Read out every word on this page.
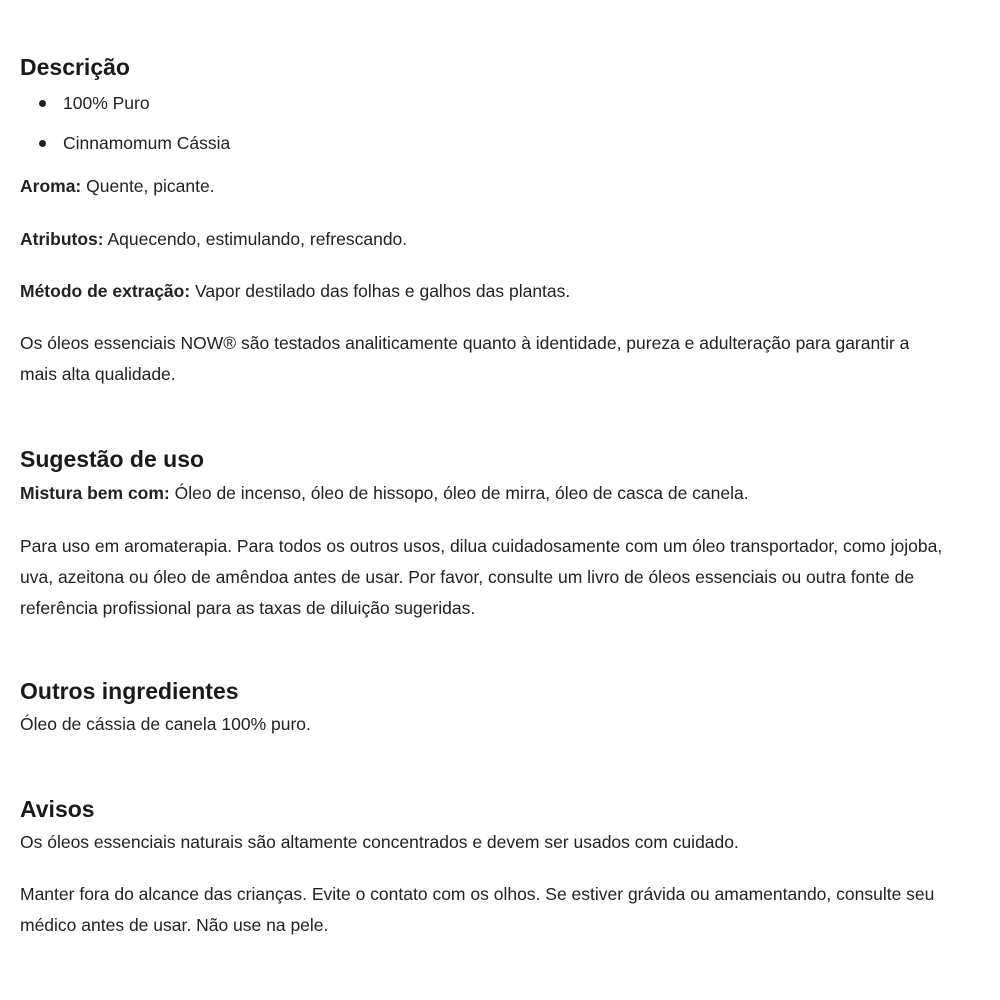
Descrição
100% Puro
Cinnamomum Cássia

Aroma: Quente, picante.

Atributos: Aquecendo, estimulando, refrescando.

Método de extração: Vapor destilado das folhas e galhos das plantas.

Os óleos essenciais NOW® são testados analiticamente quanto à identidade, pureza e adulteração para garantir a mais alta qualidade.

Sugestão de uso

Mistura bem com: Óleo de incenso, óleo de hissopo, óleo de mirra, óleo de casca de canela.

Para uso em aromaterapia. Para todos os outros usos, dilua cuidadosamente com um óleo transportador, como jojoba, uva, azeitona ou óleo de amêndoa antes de usar. Por favor, consulte um livro de óleos essenciais ou outra fonte de referência profissional para as taxas de diluição sugeridas.

Outros ingredientes

Óleo de cássia de canela 100% puro.

Avisos

Os óleos essenciais naturais são altamente concentrados e devem ser usados com cuidado.

Manter fora do alcance das crianças. Evite o contato com os olhos. Se estiver grávida ou amamentando, consulte seu médico antes de usar. Não use na pele.
